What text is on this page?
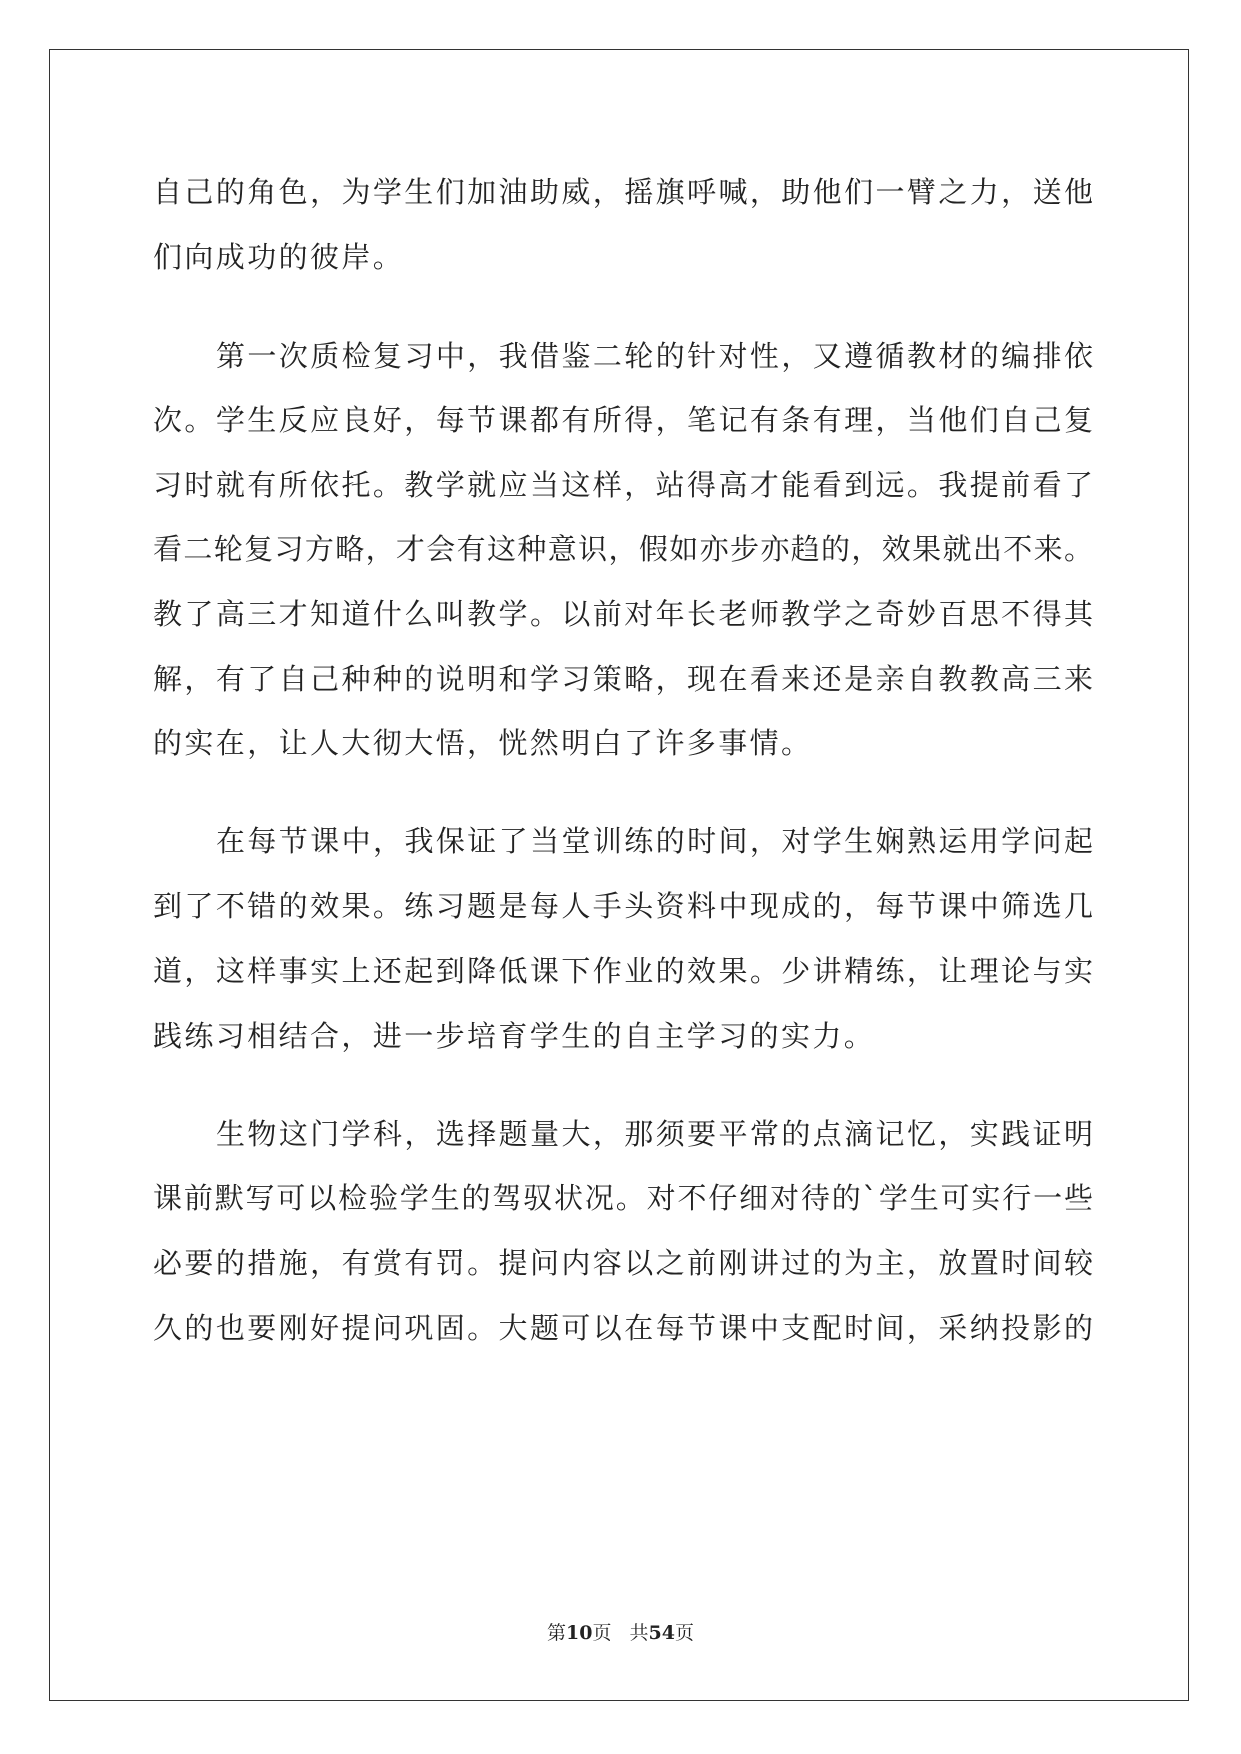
自己的角色，为学生们加油助威，摇旗呼喊，助他们一臂之力，送他
们向成功的彼岸。
第一次质检复习中，我借鉴二轮的针对性，又遵循教材的编排依
次。学生反应良好，每节课都有所得，笔记有条有理，当他们自己复
习时就有所依托。教学就应当这样，站得高才能看到远。我提前看了
看二轮复习方略，才会有这种意识，假如亦步亦趋的，效果就出不来。
教了高三才知道什么叫教学。以前对年长老师教学之奇妙百思不得其
解，有了自己种种的说明和学习策略，现在看来还是亲自教教高三来
的实在，让人大彻大悟，恍然明白了许多事情。
在每节课中，我保证了当堂训练的时间，对学生娴熟运用学问起
到了不错的效果。练习题是每人手头资料中现成的，每节课中筛选几
道，这样事实上还起到降低课下作业的效果。少讲精练，让理论与实
践练习相结合，进一步培育学生的自主学习的实力。
生物这门学科，选择题量大，那须要平常的点滴记忆，实践证明
课前默写可以检验学生的驾驭状况。对不仔细对待的`学生可实行一些
必要的措施，有赏有罚。提问内容以之前刚讲过的为主，放置时间较
久的也要刚好提问巩固。大题可以在每节课中支配时间，采纳投影的
第10页 共54页
